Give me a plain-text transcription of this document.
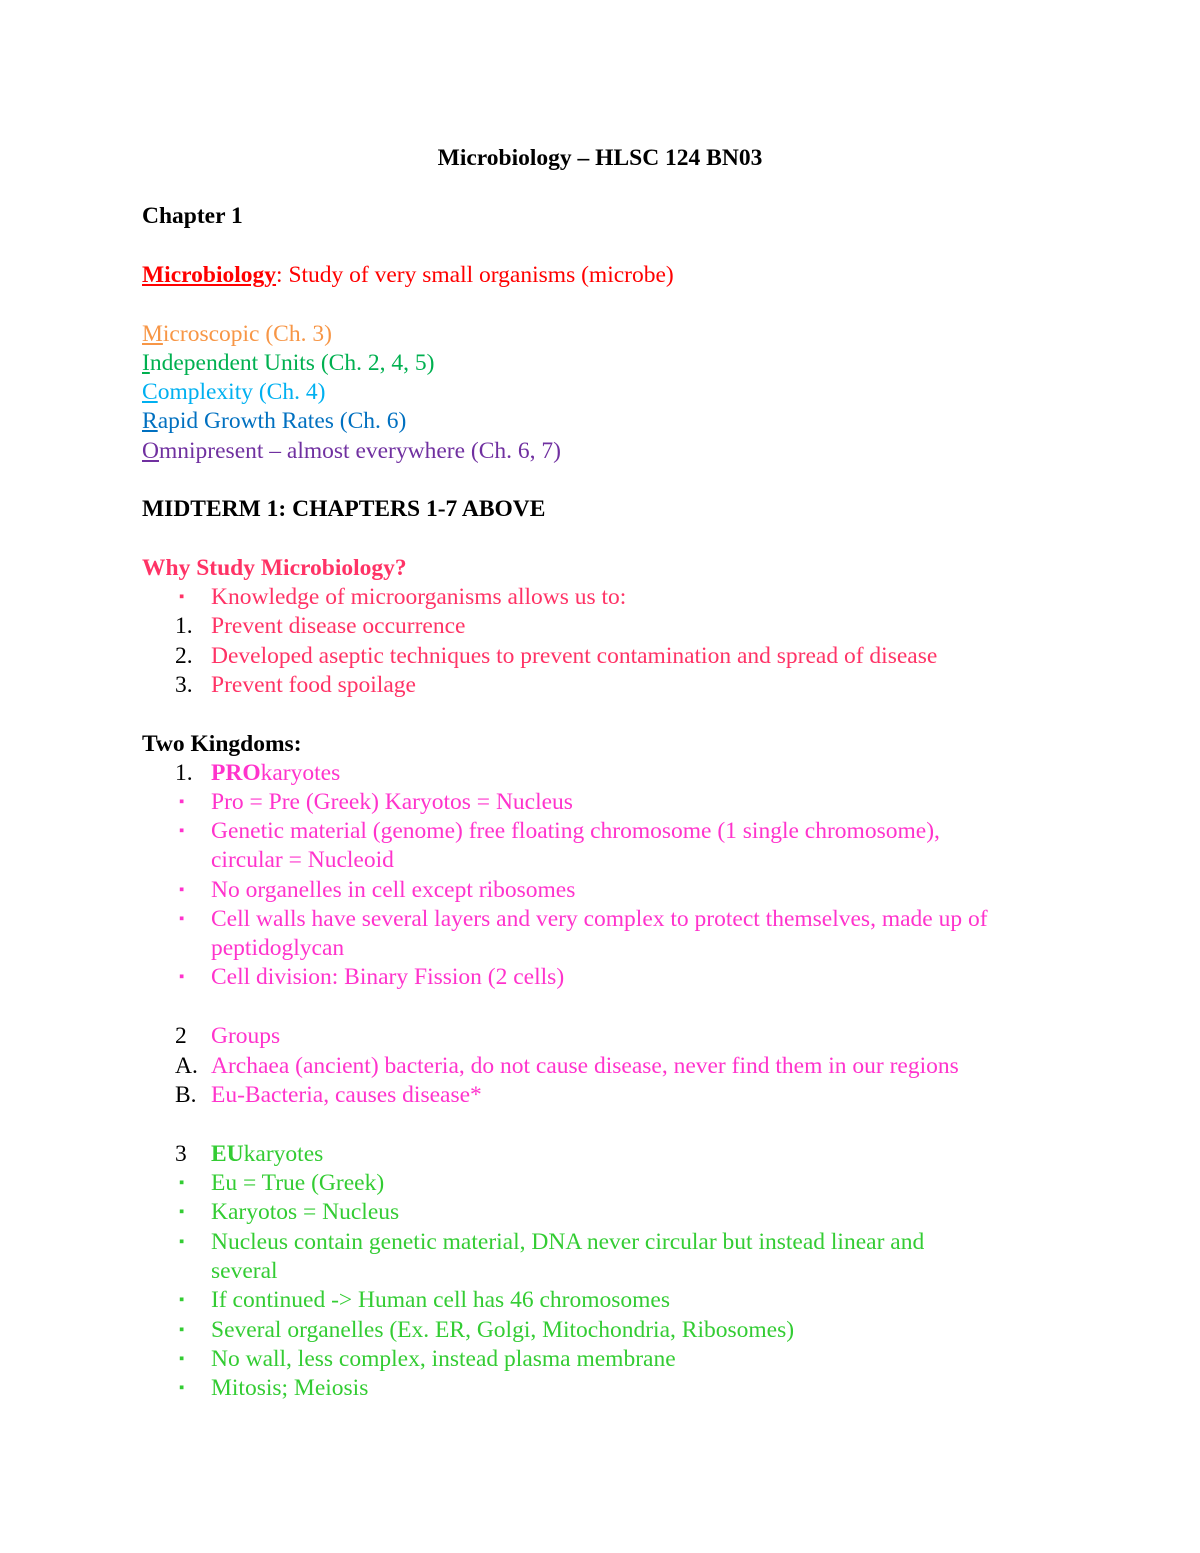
Microbiology – HLSC 124 BN03
Chapter 1
Microbiology: Study of very small organisms (microbe)
Microscopic (Ch. 3)
Independent Units (Ch. 2, 4, 5)
Complexity (Ch. 4)
Rapid Growth Rates (Ch. 6)
Omnipresent – almost everywhere (Ch. 6, 7)
MIDTERM 1: CHAPTERS 1-7 ABOVE
Why Study Microbiology?
▪ Knowledge of microorganisms allows us to:
1. Prevent disease occurrence
2. Developed aseptic techniques to prevent contamination and spread of disease
3. Prevent food spoilage
Two Kingdoms:
1. PROkaryotes
▪ Pro = Pre (Greek) Karyotos = Nucleus
▪ Genetic material (genome) free floating chromosome (1 single chromosome),
circular = Nucleoid
▪ No organelles in cell except ribosomes
▪ Cell walls have several layers and very complex to protect themselves, made up of
peptidoglycan
▪ Cell division: Binary Fission (2 cells)
2 Groups
A. Archaea (ancient) bacteria, do not cause disease, never find them in our regions
B. Eu-Bacteria, causes disease*
3 EUkaryotes
▪ Eu = True (Greek)
▪ Karyotos = Nucleus
▪ Nucleus contain genetic material, DNA never circular but instead linear and
several
▪ If continued -> Human cell has 46 chromosomes
▪ Several organelles (Ex. ER, Golgi, Mitochondria, Ribosomes)
▪ No wall, less complex, instead plasma membrane
▪ Mitosis; Meiosis
